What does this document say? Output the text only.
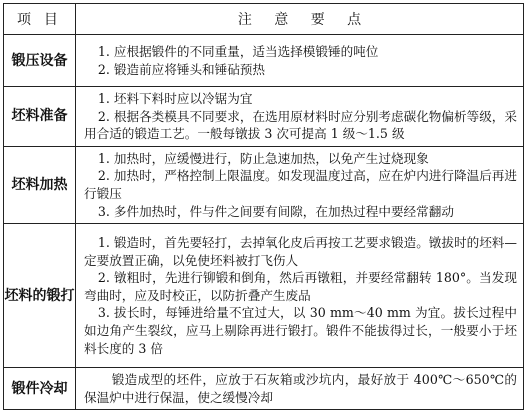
项 目	注意要点
锻压设备	1. 应根据锻件的不同重量，适当选择模锻锤的吨位
2. 锻造前应将锤头和锤砧预热

坯料准备	1. 坯料下料时应以冷锯为宜
2. 根据各类模具不同要求，在选用原材料时应分别考虑碳化物偏析等级，采用合适的锻造工艺。一般每镦拔 3 次可提高 1 级～1.5 级

坯料加热	1. 加热时，应缓慢进行，防止急速加热，以免产生过烧现象
2. 加热时，严格控制上限温度。如发现温度过高，应在炉内进行降温后再进行锻压
3. 多件加热时，件与件之间要有间隙，在加热过程中要经常翻动

坯料的锻打	1. 锻造时，首先要轻打，去掉氧化皮后再按工艺要求锻造。镦拔时的坯料—定要放置正确，以免使坯料被打飞伤人
2. 镦粗时，先进行铆锻和倒角，然后再镦粗，并要经常翻转 180°。当发现弯曲时，应及时校正，以防折叠产生废品
3. 拔长时，每锤进给量不宜过大，以 30 mm～40 mm 为宜。拔长过程中如边角产生裂纹，应马上剔除再进行锻打。锻件不能拔得过长，一般要小于坯料长度的 3 倍

锻件冷却	锻造成型的坯件，应放于石灰箱或沙坑内，最好放于 400℃～650℃的保温炉中进行保温，使之缓慢冷却
